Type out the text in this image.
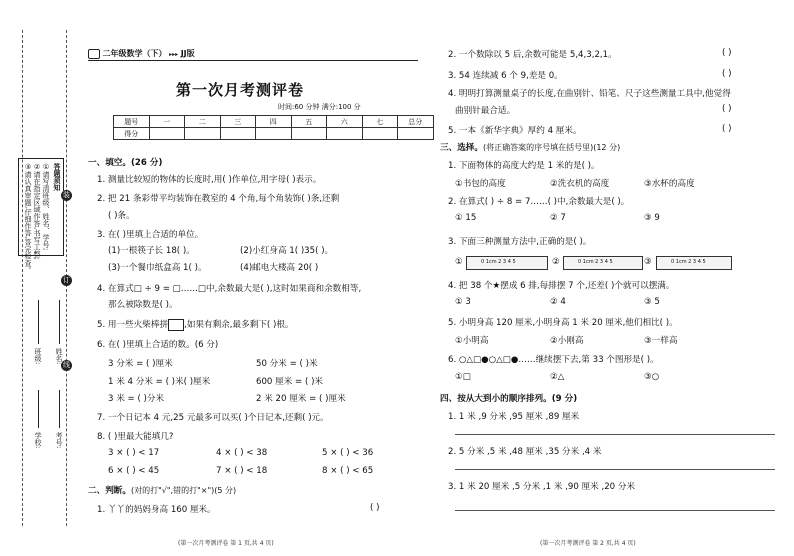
答题须知
①请写清班级、姓名、学号;
②请在指定区域作答,书写工整;
③请认真审题,仔细作答,答完检查。	装
订
线
班级: 姓名:
学校: 考号:
二年级数学（下） ▸▸▸ JJ版
第一次月考测评卷
时间:60 分钟 满分:100 分
题号	一	二	三	四	五	六	七	总分
得分								
一、填空。(26 分)
1. 测量比较短的物体的长度时,用( )作单位,用字母( )表示。
2. 把 21 条彩带平均装饰在教室的 4 个角,每个角装饰( )条,还剩
( )条。
3. 在( )里填上合适的单位。
(1)一根筷子长 18( )。	(2)小红身高 1( )35( )。
(3)一个餐巾纸盒高 1( )。	(4)邮电大楼高 20( )
4. 在算式□ ÷ 9 = □……□中,余数最大是( ),这时如果商和余数相等,
那么被除数是( )。
5. 用一些火柴棒拼 ,如果有剩余,最多剩下( )根。
6. 在( )里填上合适的数。(6 分)
3 分米 = ( )厘米	50 分米 = ( )米
1 米 4 分米 = ( )米( )厘米	600 厘米 = ( )米
3 米 = ( )分米	2 米 20 厘米 = ( )厘米
7. 一个日记本 4 元,25 元最多可以买( )个日记本,还剩( )元。
8. ( )里最大能填几?
3 × ( ) < 17	4 × ( ) < 38	5 × ( ) < 36
6 × ( ) < 45	7 × ( ) < 18	8 × ( ) < 65
二、判断。(对的打"√",错的打"×")(5 分)
1. 丫丫的妈妈身高 160 厘米。	( )
(第一次月考测评卷 第 1 页,共 4 页)
2. 一个数除以 5 后,余数可能是 5,4,3,2,1。	( )
3. 54 连续减 6 个 9,差是 0。	( )
4. 明明打算测量桌子的长度,在曲别针、铅笔、尺子这些测量工具中,他觉得
曲别针最合适。	( )
5. 一本《新华字典》厚约 4 厘米。	( )
三、选择。(将正确答案的序号填在括号里)(12 分)
1. 下面物体的高度大约是 1 米的是( )。
①书包的高度	②洗衣机的高度	③水杯的高度
2. 在算式( ) ÷ 8 = 7……( )中,余数最大是( )。
① 15	② 7	③ 9
3. 下面三种测量方法中,正确的是( )。
①	0 1cm 2 3 4 5	②	0 1cm 2 3 4 5	③	0 1cm 2 3 4 5
4. 把 38 个★摆成 6 排,每排摆 7 个,还差( )个就可以摆满。
① 3	② 4	③ 5
5. 小明身高 120 厘米,小明身高 1 米 20 厘米,他们相比( )。
①小明高	②小刚高	③一样高
6. ○△□●○△□●……继续摆下去,第 33 个图形是( )。
①□	②△	③○
四、按从大到小的顺序排列。(9 分)
1. 1 米 ,9 分米 ,95 厘米 ,89 厘米
2. 5 分米 ,5 米 ,48 厘米 ,35 分米 ,4 米
3. 1 米 20 厘米 ,5 分米 ,1 米 ,90 厘米 ,20 分米
(第一次月考测评卷 第 2 页,共 4 页)
